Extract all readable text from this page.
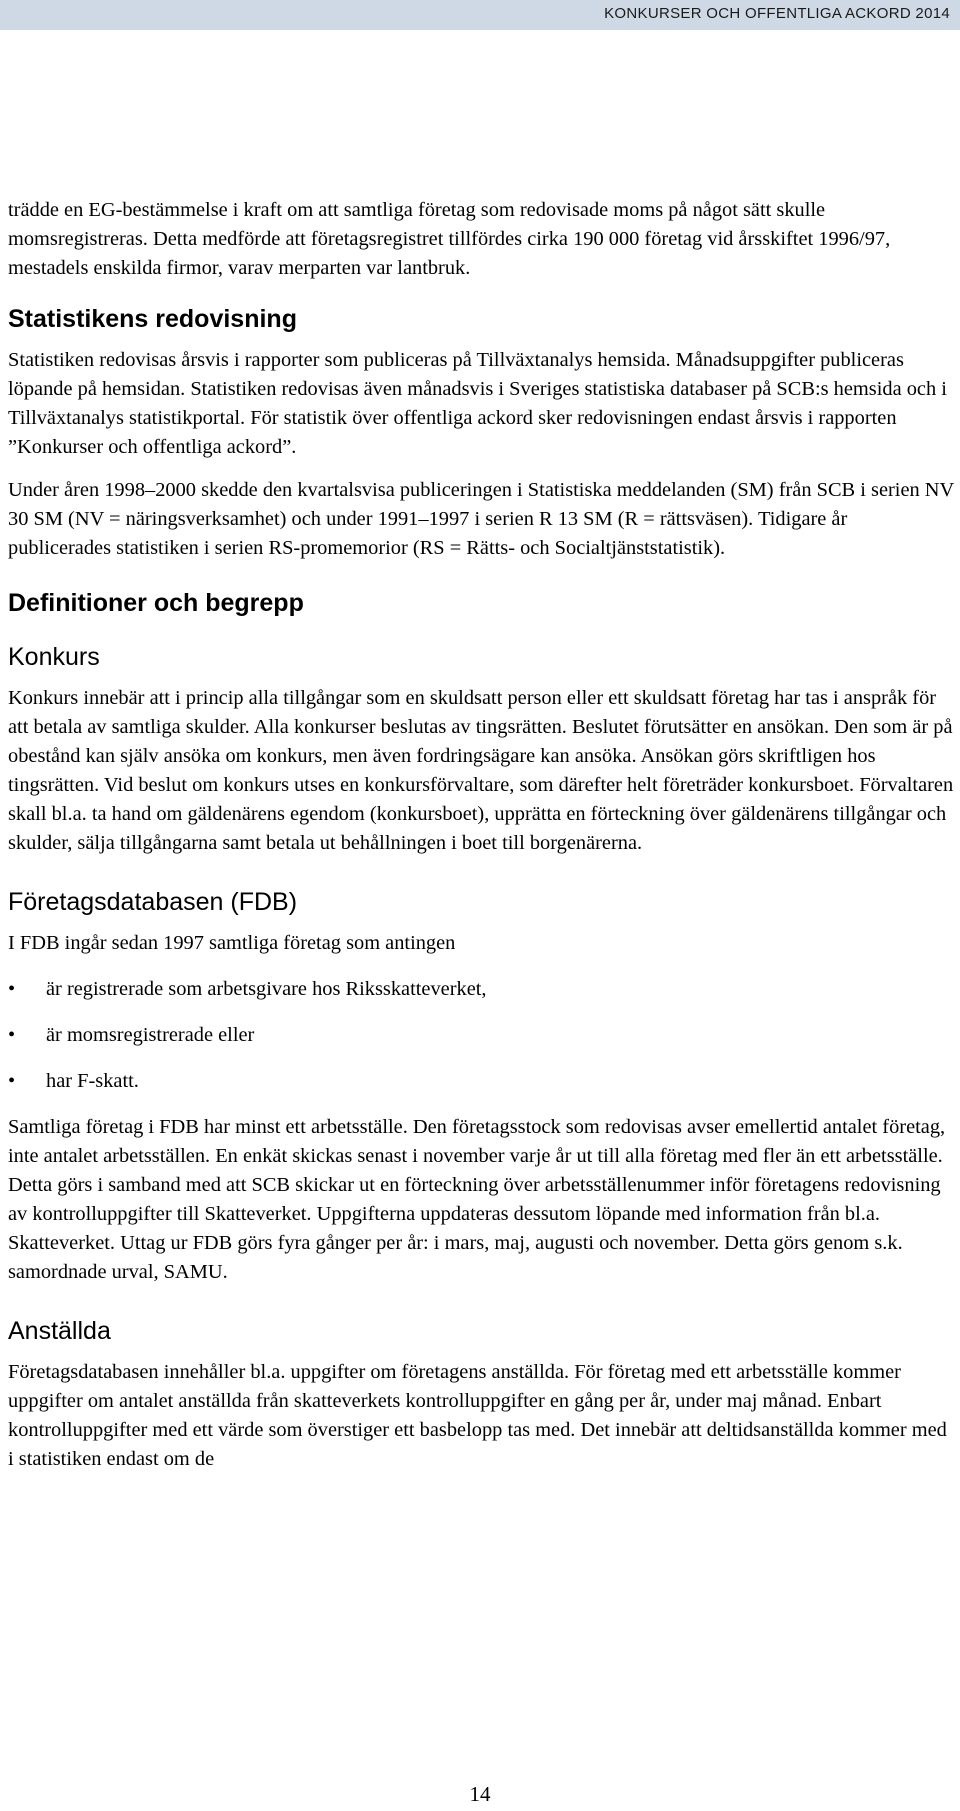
KONKURSER OCH OFFENTLIGA ACKORD 2014

trädde en EG-bestämmelse i kraft om att samtliga företag som redovisade moms på något sätt skulle momsregistreras. Detta medförde att företagsregistret tillfördes cirka 190 000 företag vid årsskiftet 1996/97, mestadels enskilda firmor, varav merparten var lantbruk.

Statistikens redovisning

Statistiken redovisas årsvis i rapporter som publiceras på Tillväxtanalys hemsida. Månadsuppgifter publiceras löpande på hemsidan. Statistiken redovisas även månadsvis i Sveriges statistiska databaser på SCB:s hemsida och i Tillväxtanalys statistikportal. För statistik över offentliga ackord sker redovisningen endast årsvis i rapporten ”Konkurser och offentliga ackord”.

Under åren 1998–2000 skedde den kvartalsvisa publiceringen i Statistiska meddelanden (SM) från SCB i serien NV 30 SM (NV = näringsverksamhet) och under 1991–1997 i serien R 13 SM (R = rättsväsen). Tidigare år publicerades statistiken i serien RS-promemorior (RS = Rätts- och Socialtjänststatistik).

Definitioner och begrepp
Konkurs

Konkurs innebär att i princip alla tillgångar som en skuldsatt person eller ett skuldsatt företag har tas i anspråk för att betala av samtliga skulder. Alla konkurser beslutas av tingsrätten. Beslutet förutsätter en ansökan. Den som är på obestånd kan själv ansöka om konkurs, men även fordringsägare kan ansöka. Ansökan görs skriftligen hos tingsrätten. Vid beslut om konkurs utses en konkursförvaltare, som därefter helt företräder konkursboet. Förvaltaren skall bl.a. ta hand om gäldenärens egendom (konkursboet), upprätta en förteckning över gäldenärens tillgångar och skulder, sälja tillgångarna samt betala ut behållningen i boet till borgenärerna.

Företagsdatabasen (FDB)

I FDB ingår sedan 1997 samtliga företag som antingen

• är registrerade som arbetsgivare hos Riksskatteverket,
• är momsregistrerade eller
• har F-skatt.

Samtliga företag i FDB har minst ett arbetsställe. Den företagsstock som redovisas avser emellertid antalet företag, inte antalet arbetsställen. En enkät skickas senast i november varje år ut till alla företag med fler än ett arbetsställe. Detta görs i samband med att SCB skickar ut en förteckning över arbetsställenummer inför företagens redovisning av kontrolluppgifter till Skatteverket. Uppgifterna uppdateras dessutom löpande med information från bl.a. Skatteverket. Uttag ur FDB görs fyra gånger per år: i mars, maj, augusti och november. Detta görs genom s.k. samordnade urval, SAMU.

Anställda

Företagsdatabasen innehåller bl.a. uppgifter om företagens anställda. För företag med ett arbetsställe kommer uppgifter om antalet anställda från skatteverkets kontrolluppgifter en gång per år, under maj månad. Enbart kontrolluppgifter med ett värde som överstiger ett basbelopp tas med. Det innebär att deltidsanställda kommer med i statistiken endast om de

14
